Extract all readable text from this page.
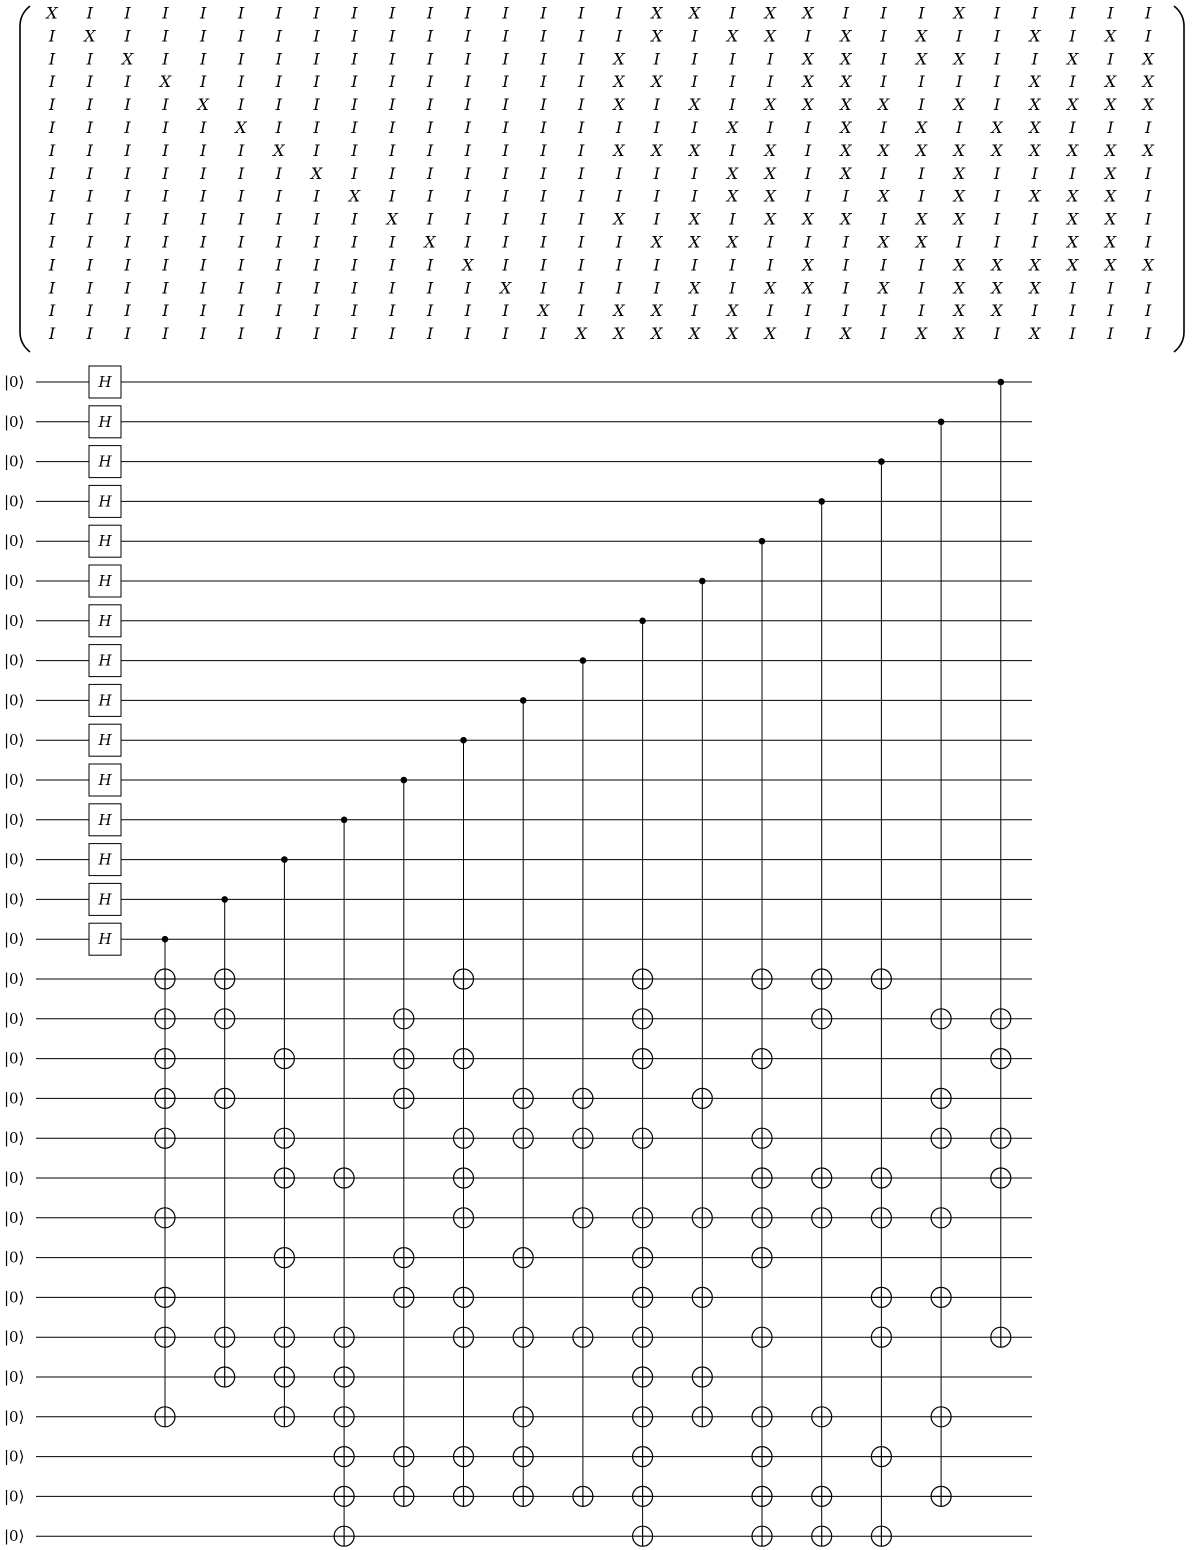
X I I I I I I I I I I I I I I I X X I X X I I I X I I I I I
I X I I I I I I I I I I I I I I X I X X I X I X I I X I X I
I I X I I I I I I I I I I I I X I I I I X X I X X I I X I X
I I I X I I I I I I I I I I I X X I I I X X I I I I X I X X
I I I I X I I I I I I I I I I X I X I X X X X I X I X X X X
I I I I I X I I I I I I I I I I I I X I I X I X I X X I I I
I I I I I I X I I I I I I I I X X X I X I X X X X X X X X X
I I I I I I I X I I I I I I I I I I X X I X I I X I I I X I
I I I I I I I I X I I I I I I I I I X X I I X I X I X X X I
I I I I I I I I I X I I I I I X I X I X X X I X X I I X X I
I I I I I I I I I I X I I I I I X X X I I I X X I I I X X I
I I I I I I I I I I I X I I I I I I I I X I I I X X X X X X
I I I I I I I I I I I I X I I I I X I X X I X I X X X I I I
I I I I I I I I I I I I I X I X X I X I I I I I X X I I I I
I I I I I I I I I I I I I I X X X X X X I X I X X I X I I I
|0⟩
|0⟩
|0⟩
|0⟩
|0⟩
|0⟩
|0⟩
|0⟩
|0⟩
|0⟩
|0⟩
|0⟩
|0⟩
|0⟩
|0⟩
|0⟩
|0⟩
|0⟩
|0⟩
|0⟩
|0⟩
|0⟩
|0⟩
|0⟩
|0⟩
|0⟩
|0⟩
|0⟩
|0⟩
|0⟩
H
H
H
H
H
H
H
H
H
H
H
H
H
H
H
